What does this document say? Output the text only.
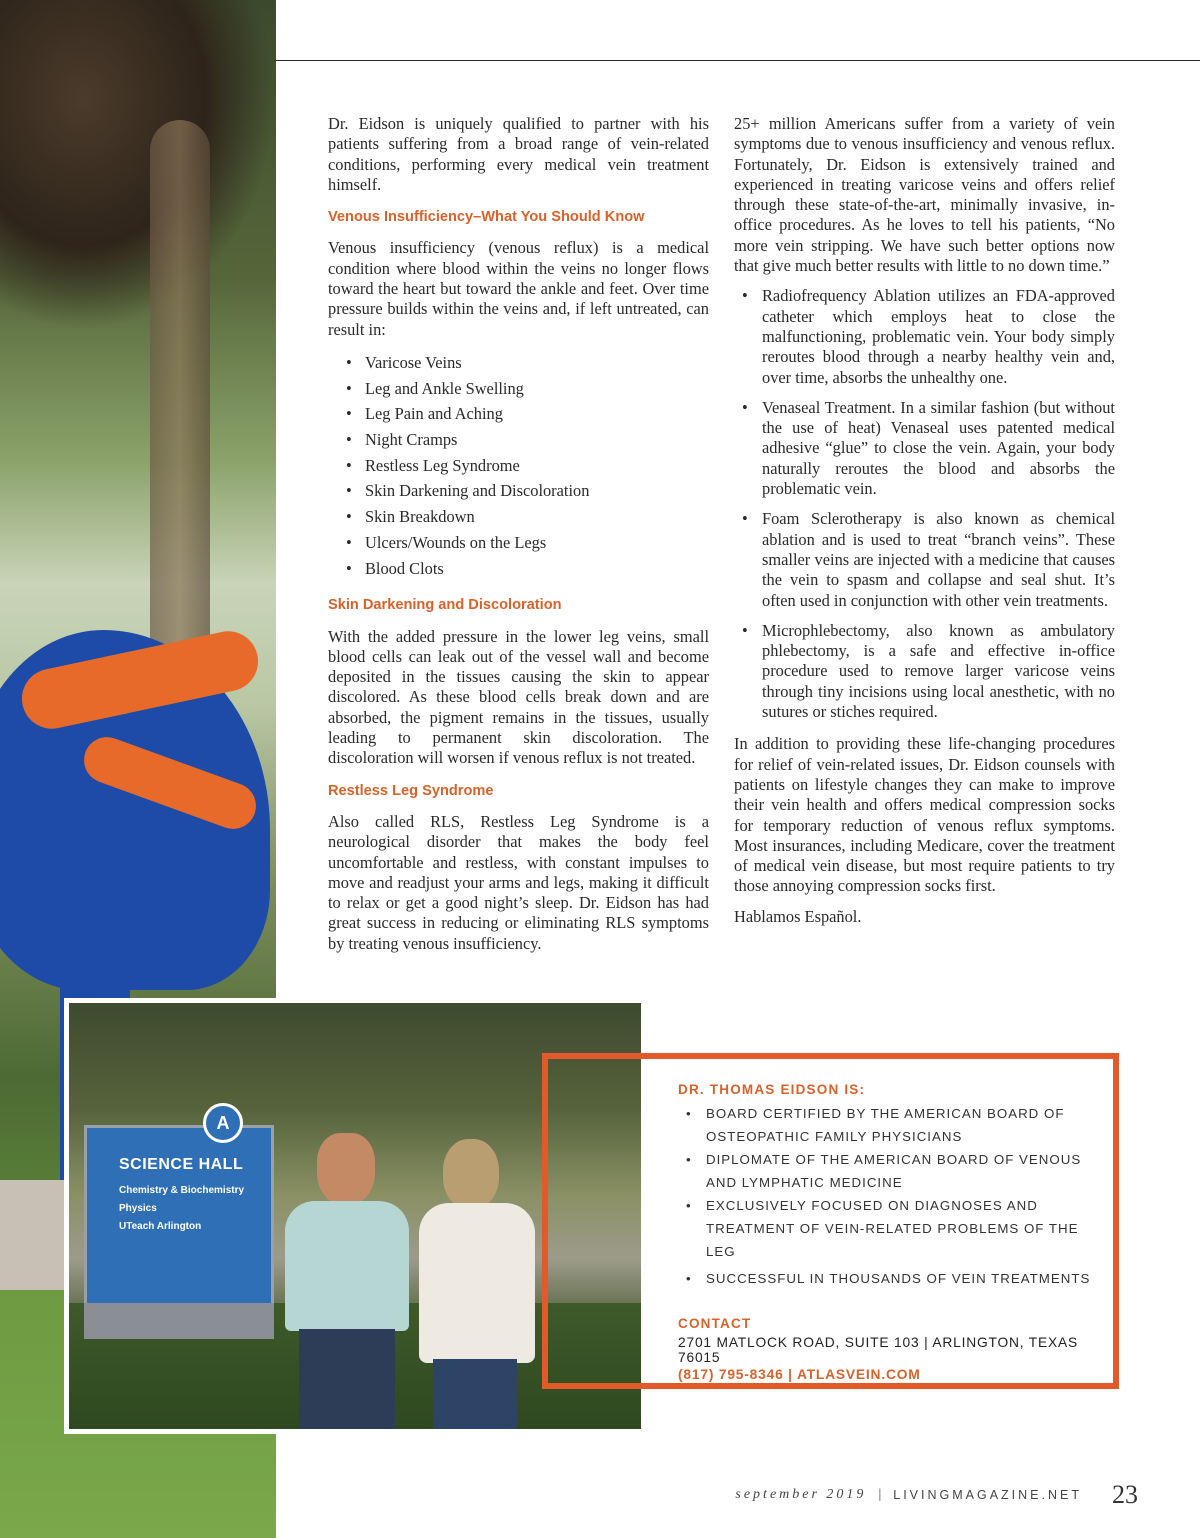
Dr. Eidson is uniquely qualified to partner with his patients suffering from a broad range of vein-related conditions, performing every medical vein treatment himself.

Venous Insufficiency–What You Should Know

Venous insufficiency (venous reflux) is a medical condition where blood within the veins no longer flows toward the heart but toward the ankle and feet. Over time pressure builds within the veins and, if left untreated, can result in:

• Varicose Veins
• Leg and Ankle Swelling
• Leg Pain and Aching
• Night Cramps
• Restless Leg Syndrome
• Skin Darkening and Discoloration
• Skin Breakdown
• Ulcers/Wounds on the Legs
• Blood Clots
Skin Darkening and Discoloration

With the added pressure in the lower leg veins, small blood cells can leak out of the vessel wall and become deposited in the tissues causing the skin to appear discolored. As these blood cells break down and are absorbed, the pigment remains in the tissues, usually leading to permanent skin discoloration. The discoloration will worsen if venous reflux is not treated.

Restless Leg Syndrome

Also called RLS, Restless Leg Syndrome is a neurological disorder that makes the body feel uncomfortable and restless, with constant impulses to move and readjust your arms and legs, making it difficult to relax or get a good night’s sleep. Dr. Eidson has had great success in reducing or eliminating RLS symptoms by treating venous insufficiency.

25+ million Americans suffer from a variety of vein symptoms due to venous insufficiency and venous reflux. Fortunately, Dr. Eidson is extensively trained and experienced in treating varicose veins and offers relief through these state-of-the-art, minimally invasive, in-office procedures. As he loves to tell his patients, “No more vein stripping. We have such better options now that give much better results with little to no down time.”

• Radiofrequency Ablation utilizes an FDA-approved catheter which employs heat to close the malfunctioning, problematic vein. Your body simply reroutes blood through a nearby healthy vein and, over time, absorbs the unhealthy one.
• Venaseal Treatment. In a similar fashion (but without the use of heat) Venaseal uses patented medical adhesive “glue” to close the vein. Again, your body naturally reroutes the blood and absorbs the problematic vein.
• Foam Sclerotherapy is also known as chemical ablation and is used to treat “branch veins”. These smaller veins are injected with a medicine that causes the vein to spasm and collapse and seal shut. It’s often used in conjunction with other vein treatments.
• Microphlebectomy, also known as ambulatory phlebectomy, is a safe and effective in-office procedure used to remove larger varicose veins through tiny incisions using local anesthetic, with no sutures or stiches required.

In addition to providing these life-changing procedures for relief of vein-related issues, Dr. Eidson counsels with patients on lifestyle changes they can make to improve their vein health and offers medical compression socks for temporary reduction of venous reflux symptoms. Most insurances, including Medicare, cover the treatment of medical vein disease, but most require patients to try those annoying compression socks first.

Hablamos Español.

A
SCIENCE HALL
Chemistry & Biochemistry
Physics
UTeach Arlington
DR. THOMAS EIDSON IS:
• BOARD CERTIFIED BY THE AMERICAN BOARD OF OSTEOPATHIC FAMILY PHYSICIANS
• DIPLOMATE OF THE AMERICAN BOARD OF VENOUS AND LYMPHATIC MEDICINE
• EXCLUSIVELY FOCUSED ON DIAGNOSES AND TREATMENT OF VEIN-RELATED PROBLEMS OF THE LEG
• SUCCESSFUL IN THOUSANDS OF VEIN TREATMENTS
CONTACT
2701 MATLOCK ROAD, SUITE 103 | ARLINGTON, TEXAS 76015
(817) 795-8346 | ATLASVEIN.COM
september 2019 | LIVINGMAGAZINE.NET 23
